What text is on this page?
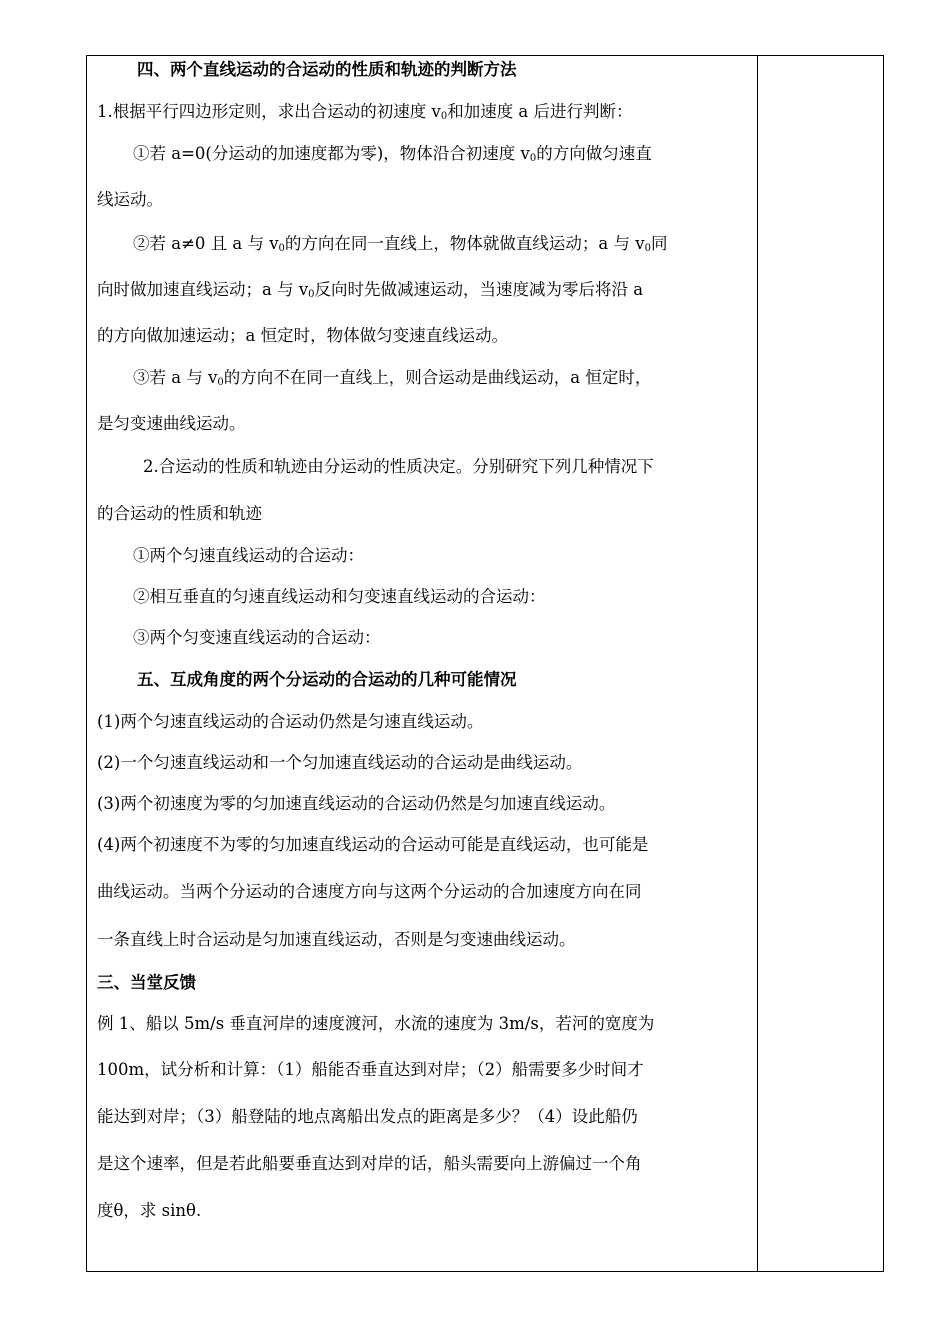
四、两个直线运动的合运动的性质和轨迹的判断方法
1.根据平行四边形定则，求出合运动的初速度 $v_0$和加速度 a 后进行判断：
①若 a=0(分运动的加速度都为零)，物体沿合初速度 $v_0$的方向做匀速直
线运动。
②若 a≠0 且 a 与 $v_0$的方向在同一直线上，物体就做直线运动；a 与 $v_0$同
向时做加速直线运动；a 与 $v_0$反向时先做减速运动，当速度减为零后将沿 a
的方向做加速运动；a 恒定时，物体做匀变速直线运动。
③若 a 与 $v_0$的方向不在同一直线上，则合运动是曲线运动，a 恒定时，
是匀变速曲线运动。
2.合运动的性质和轨迹由分运动的性质决定。分别研究下列几种情况下
的合运动的性质和轨迹
①两个匀速直线运动的合运动：
②相互垂直的匀速直线运动和匀变速直线运动的合运动：
③两个匀变速直线运动的合运动：
五、互成角度的两个分运动的合运动的几种可能情况
(1)两个匀速直线运动的合运动仍然是匀速直线运动。
(2)一个匀速直线运动和一个匀加速直线运动的合运动是曲线运动。
(3)两个初速度为零的匀加速直线运动的合运动仍然是匀加速直线运动。
(4)两个初速度不为零的匀加速直线运动的合运动可能是直线运动，也可能是
曲线运动。当两个分运动的合速度方向与这两个分运动的合加速度方向在同
一条直线上时合运动是匀加速直线运动，否则是匀变速曲线运动。
三、当堂反馈
例 1、船以 5m/s 垂直河岸的速度渡河，水流的速度为 3m/s，若河的宽度为
100m，试分析和计算：（1）船能否垂直达到对岸；（2）船需要多少时间才
能达到对岸；（3）船登陆的地点离船出发点的距离是多少？（4）设此船仍
是这个速率，但是若此船要垂直达到对岸的话，船头需要向上游偏过一个角
度θ，求 sinθ.
